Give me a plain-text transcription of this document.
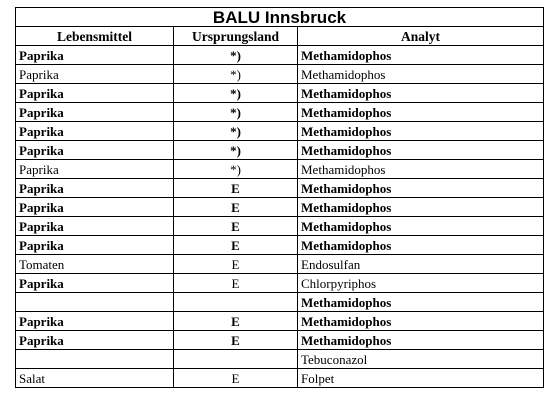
BALU Innsbruck		
Lebensmittel	Ursprungsland	Analyt
Paprika	*)	Methamidophos
Paprika	*)	Methamidophos
Paprika	*)	Methamidophos
Paprika	*)	Methamidophos
Paprika	*)	Methamidophos
Paprika	*)	Methamidophos
Paprika	*)	Methamidophos
Paprika	E	Methamidophos
Paprika	E	Methamidophos
Paprika	E	Methamidophos
Paprika	E	Methamidophos
Tomaten	E	Endosulfan
Paprika	E	Chlorpyriphos
		Methamidophos
Paprika	E	Methamidophos
Paprika	E	Methamidophos
		Tebuconazol
Salat	E	Folpet
